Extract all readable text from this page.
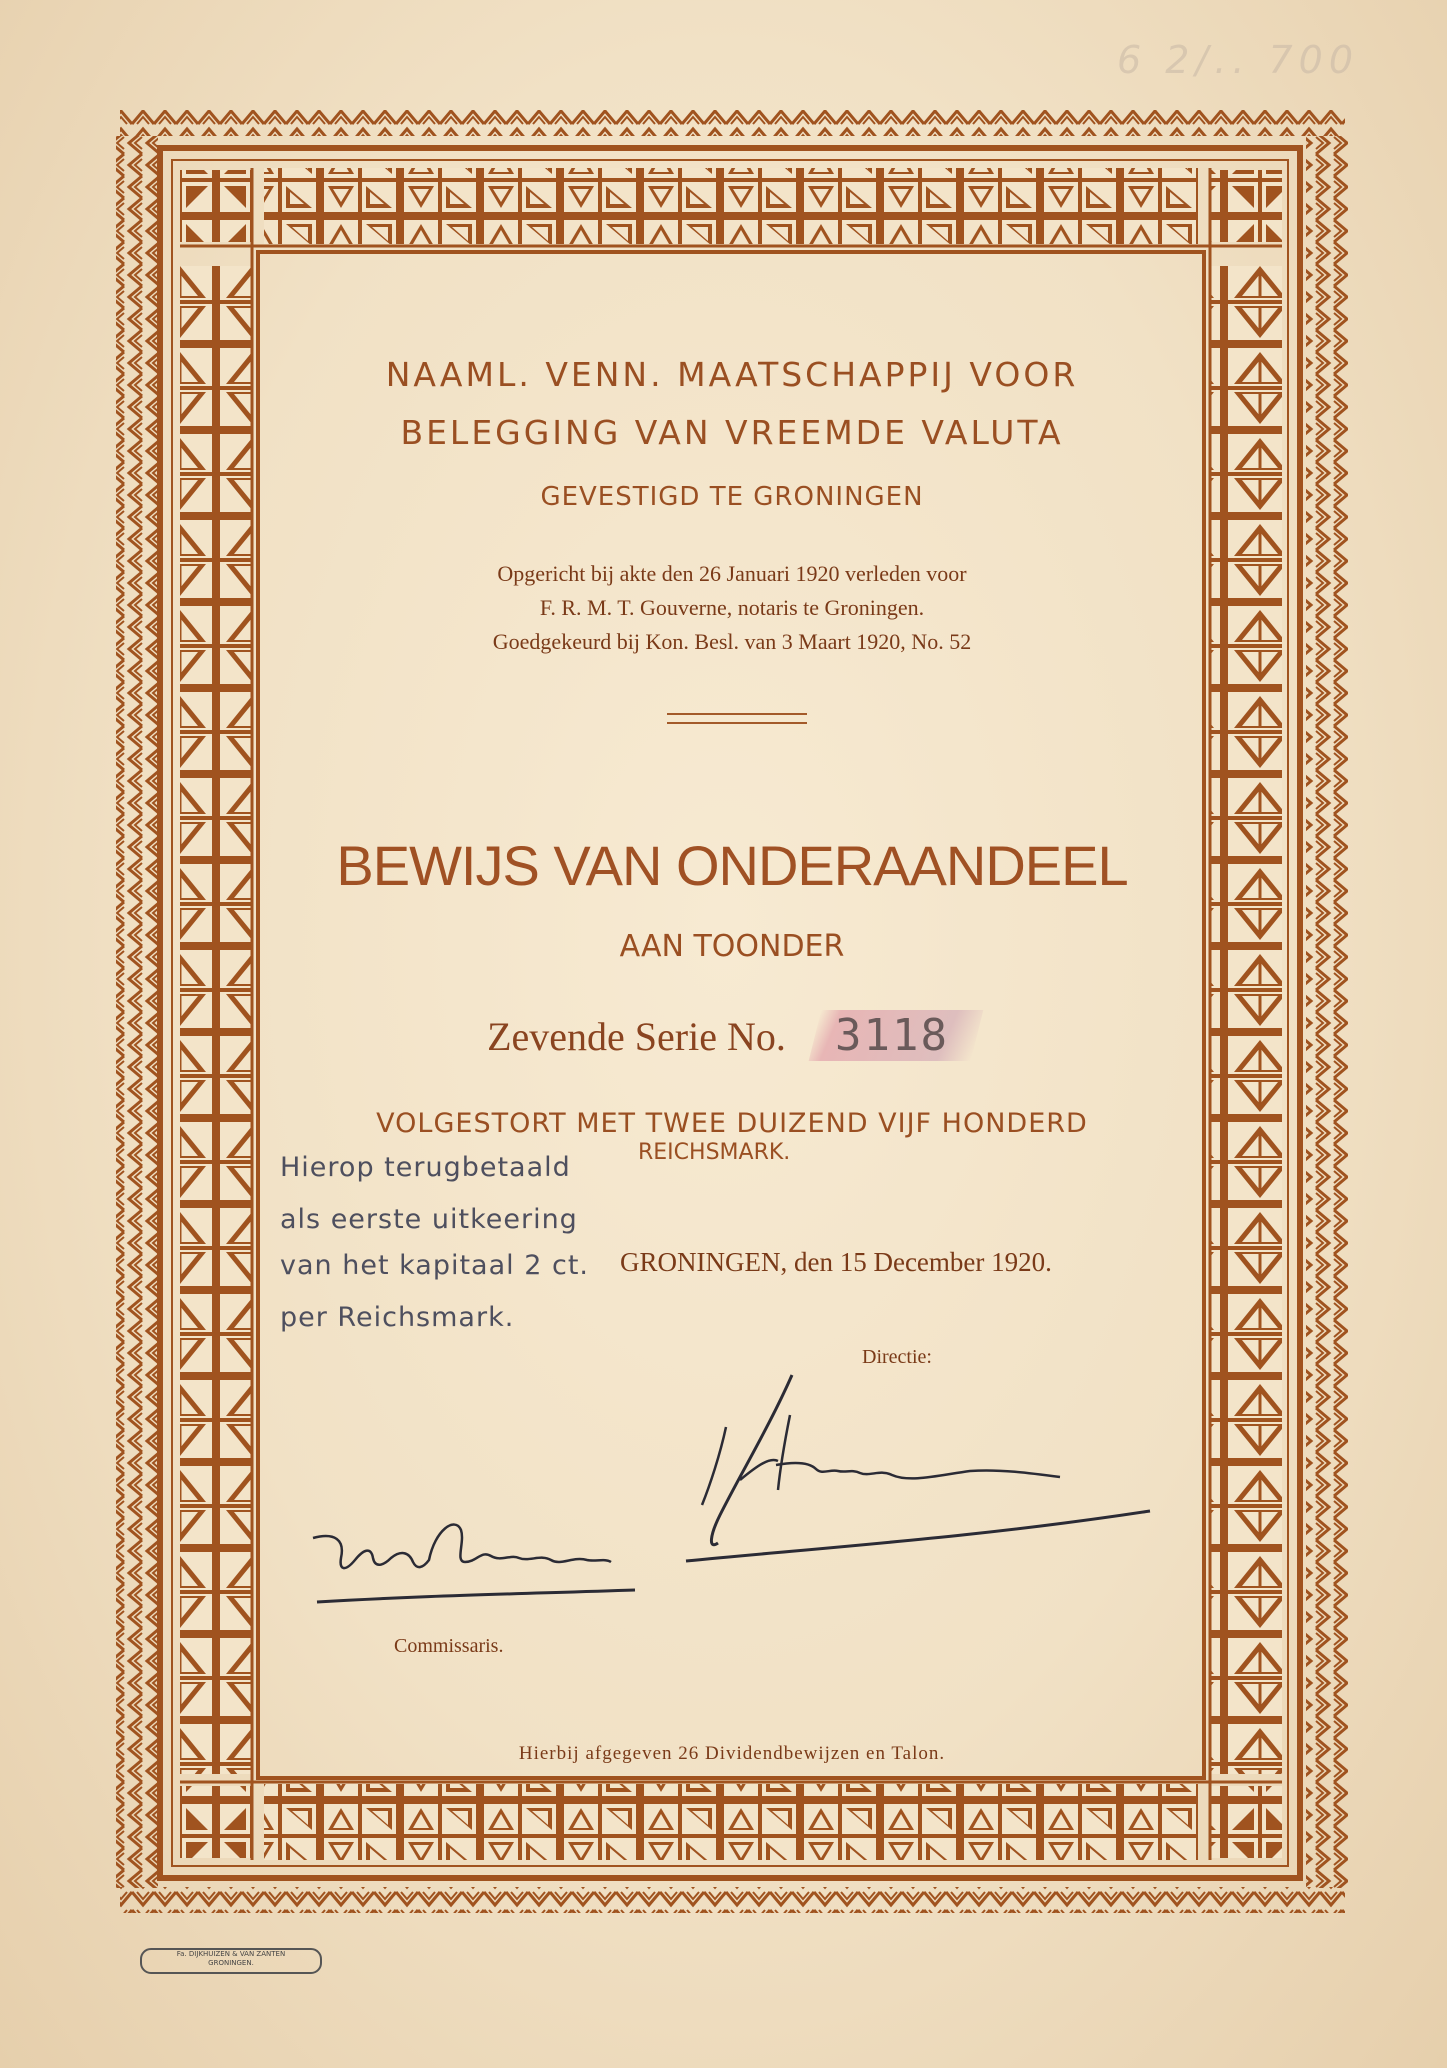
6 2/.. 700
NAAML. VENN. MAATSCHAPPIJ VOOR
BELEGGING VAN VREEMDE VALUTA
GEVESTIGD TE GRONINGEN
Opgericht bij akte den 26 Januari 1920 verleden voor
F. R. M. T. Gouverne, notaris te Groningen.
Goedgekeurd bij Kon. Besl. van 3 Maart 1920, No. 52
BEWIJS VAN ONDERAANDEEL
AAN TOONDER
Zevende Serie No. 3118
VOLGESTORT MET TWEE DUIZEND VIJF HONDERD
REICHSMARK.
GRONINGEN, den 15 December 1920.
Directie:
Commissaris.
Hierbij afgegeven 26 Dividendbewijzen en Talon.
Hierop terugbetaald
als eerste uitkeering
van het kapitaal 2 ct.
per Reichsmark.
Fa. DIJKHUIZEN & VAN ZANTEN
GRONINGEN.
